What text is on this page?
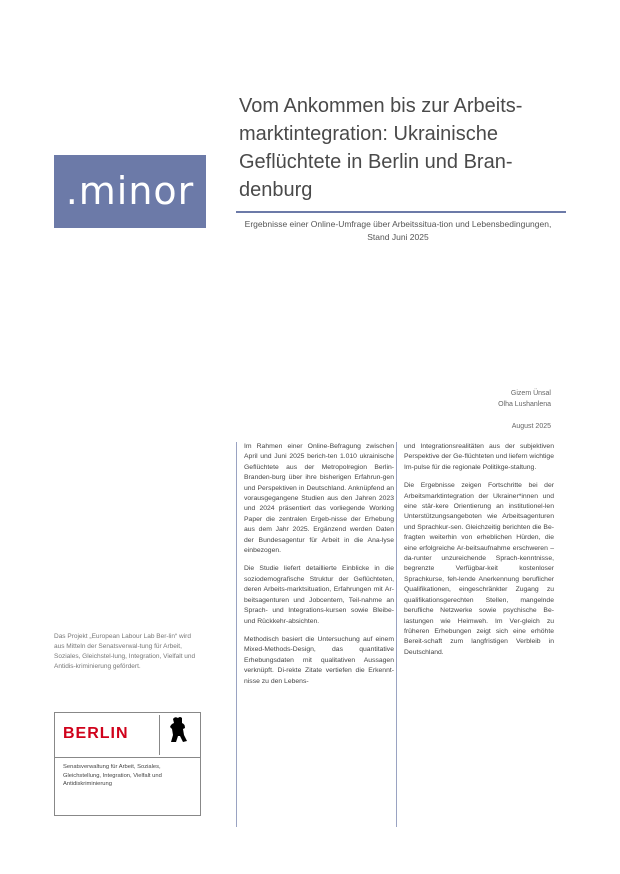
.minor
Vom Ankommen bis zur Arbeits-marktintegration: Ukrainische Geflüchtete in Berlin und Bran-denburg
Ergebnisse einer Online-Umfrage über Arbeitssitua-tion und Lebensbedingungen, Stand Juni 2025
Gizem Ünsal
Olha Lushanlena
August 2025

Im Rahmen einer Online-Befragung zwischen April und Juni 2025 berich-ten 1.010 ukrainische Geflüchtete aus der Metropolregion Berlin-Branden-burg über ihre bisherigen Erfahrun-gen und Perspektiven in Deutschland. Anknüpfend an vorausgegangene Studien aus den Jahren 2023 und 2024 präsentiert das vorliegende Working Paper die zentralen Ergeb-nisse der Erhebung aus dem Jahr 2025. Ergänzend werden Daten der Bundesagentur für Arbeit in die Ana-lyse einbezogen.

Die Studie liefert detaillierte Einblicke in die soziodemografische Struktur der Geflüchteten, deren Arbeits-marktsituation, Erfahrungen mit Ar-beitsagenturen und Jobcentern, Teil-nahme an Sprach- und Integrations-kursen sowie Bleibe- und Rückkehr-absichten.

Methodisch basiert die Untersuchung auf einem Mixed-Methods-Design, das quantitative Erhebungsdaten mit qualitativen Aussagen verknüpft. Di-rekte Zitate vertiefen die Erkennt-nisse zu den Lebens-

und Integrationsrealitäten aus der subjektiven Perspektive der Ge-flüchteten und liefern wichtige Im-pulse für die regionale Politikge-staltung.

Die Ergebnisse zeigen Fortschritte bei der Arbeitsmarktintegration der Ukrainer*innen und eine stär-kere Orientierung an institutionel-len Unterstützungsangeboten wie Arbeitsagenturen und Sprachkur-sen. Gleichzeitig berichten die Be-fragten weiterhin von erheblichen Hürden, die eine erfolgreiche Ar-beitsaufnahme erschweren – da-runter unzureichende Sprach-kenntnisse, begrenzte Verfügbar-keit kostenloser Sprachkurse, feh-lende Anerkennung beruflicher Qualifikationen, eingeschränkter Zugang zu qualifikationsgerechten Stellen, mangelnde berufliche Netzwerke sowie psychische Be-lastungen wie Heimweh. Im Ver-gleich zu früheren Erhebungen zeigt sich eine erhöhte Bereit-schaft zum langfristigen Verbleib in Deutschland.

Das Projekt „European Labour Lab Ber-lin“ wird aus Mitteln der Senatsverwal-tung für Arbeit, Soziales, Gleichstel-lung, Integration, Vielfalt und Antidis-kriminierung gefördert.
BERLIN
Senatsverwaltung für Arbeit, Soziales, Gleichstellung, Integration, Vielfalt und Antidiskriminierung
